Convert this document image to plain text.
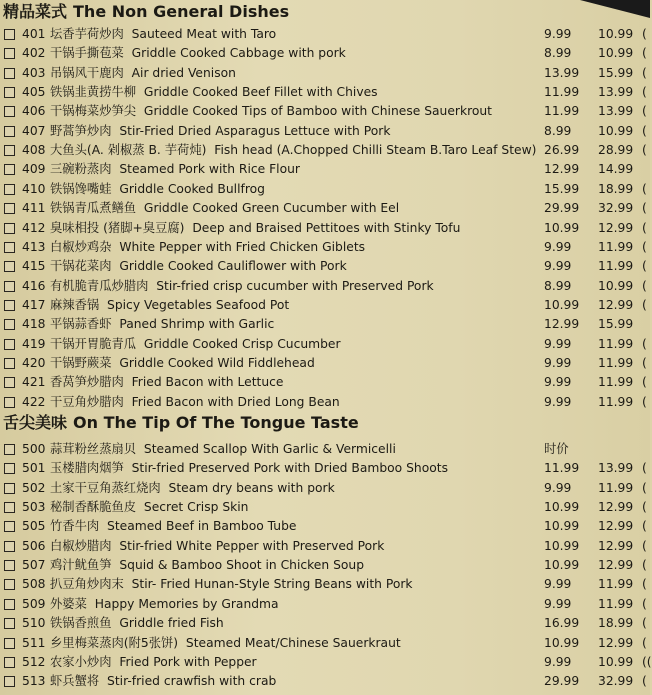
精品菜式 The Non General Dishes
401 坛香芋荷炒肉 Sauteed Meat with Taro	9.99 10.99 (
402 干锅手撕苞菜 Griddle Cooked Cabbage with pork	8.99 10.99 (
403 吊锅风干鹿肉 Air dried Venison	13.99 15.99 (
405 铁锅韭黄捞牛柳 Griddle Cooked Beef Fillet with Chives	11.99 13.99 (
406 干锅梅菜炒笋尖 Griddle Cooked Tips of Bamboo with Chinese Sauerkrout	11.99 13.99 (
407 野蒿笋炒肉 Stir-Fried Dried Asparagus Lettuce with Pork	8.99 10.99 (
408 大鱼头(A. 剁椒蒸 B. 芋荷炖) Fish head (A.Chopped Chilli Steam B.Taro Leaf Stew) 26.99 28.99 (
409 三碗粉蒸肉 Steamed Pork with Rice Flour	12.99 14.99
410 铁锅馋嘴蛙 Griddle Cooked Bullfrog	15.99 18.99 (
411 铁锅青瓜煮鳝鱼 Griddle Cooked Green Cucumber with Eel	29.99 32.99 (
412 臭味相投 (猪脚+臭豆腐) Deep and Braised Pettitoes with Stinky Tofu	10.99 12.99 (
413 白椒炒鸡杂 White Pepper with Fried Chicken Giblets	9.99 11.99 (
415 干锅花菜肉 Griddle Cooked Cauliflower with Pork	9.99 11.99 (
416 有机脆青瓜炒腊肉 Stir-fried crisp cucumber with Preserved Pork	8.99 10.99 (
417 麻辣香锅 Spicy Vegetables Seafood Pot	10.99 12.99 (
418 平锅蒜香虾 Paned Shrimp with Garlic	12.99 15.99
419 干锅开胃脆青瓜 Griddle Cooked Crisp Cucumber	9.99 11.99 (
420 干锅野蕨菜 Griddle Cooked Wild Fiddlehead	9.99 11.99 (
421 香莴笋炒腊肉 Fried Bacon with Lettuce	9.99 11.99 (
422 干豆角炒腊肉 Fried Bacon with Dried Long Bean	9.99 11.99 (
舌尖美味 On The Tip Of The Tongue Taste
500 蒜茸粉丝蒸扇贝 Steamed Scallop With Garlic & Vermicelli	时价
501 玉楼腊肉烟笋 Stir-fried Preserved Pork with Dried Bamboo Shoots	11.99 13.99 (
502 土家干豆角蒸红烧肉 Steam dry beans with pork	9.99 11.99 (
503 秘制香酥脆鱼皮 Secret Crisp Skin	10.99 12.99 (
505 竹香牛肉 Steamed Beef in Bamboo Tube	10.99 12.99 (
506 白椒炒腊肉 Stir-fried White Pepper with Preserved Pork	10.99 12.99 (
507 鸡汁鱿鱼笋 Squid & Bamboo Shoot in Chicken Soup	10.99 12.99 (
508 扒豆角炒肉末 Stir- Fried Hunan-Style String Beans with Pork	9.99 11.99 (
509 外婆菜 Happy Memories by Grandma	9.99 11.99 (
510 铁锅香煎鱼 Griddle fried Fish	16.99 18.99 (
511 乡里梅菜蒸肉(附5张饼) Steamed Meat/Chinese Sauerkraut	10.99 12.99 (
512 农家小炒肉 Fried Pork with Pepper	9.99 10.99 ((
513 虾兵蟹将 Stir-fried crawfish with crab	29.99 32.99 (
